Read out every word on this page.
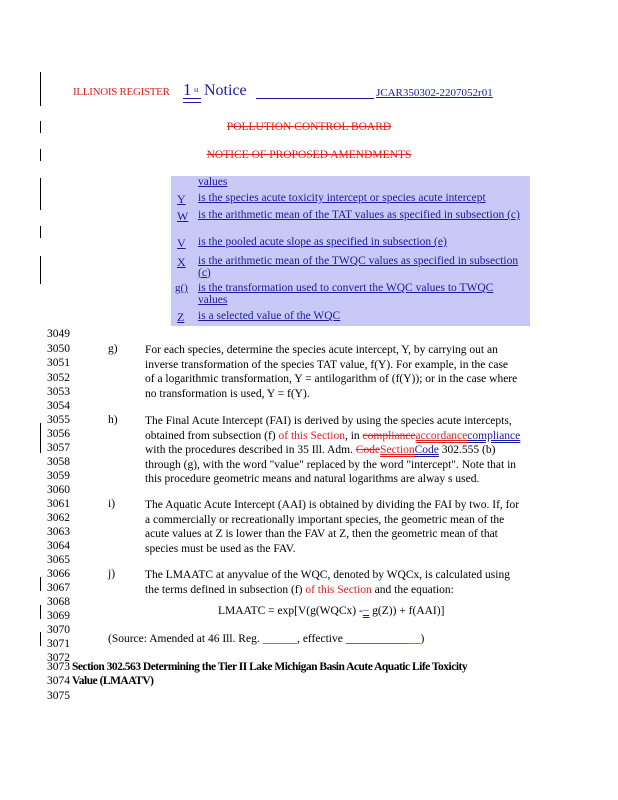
ILLINOIS REGISTER 1 st Notice	JCAR350302-2207052r01
POLLUTION CONTROL BOARD
NOTICE OF PROPOSED AMENDMENTS
values
Y is the species acute toxicity intercept or species acute intercept
W is the arithmetic mean of the TAT values as specified in subsection (c)
V is the pooled acute slope as specified in subsection (e)
X is the arithmetic mean of the TWQC values as specified in subsection (c)
g() is the transformation used to convert the WQC values to TWQC values
Z is a selected value of the WQC
3049
3050
3051
3052
3053
3054
3055
3056
3057
3058
3059
3060
3061
3062
3063
3064
3065
3066
3067
3068
3069
3070
3071
3072
g) For each species, determine the species acute intercept, Y, by carrying out an
inverse transformation of the species TAT value, f(Y). For example, in the case
of a logarithmic transformation, Y = antilogarithm of (f(Y)); or in the case where
no transformation is used, Y = f(Y).
h) The Final Acute Intercept (FAI) is derived by using the species acute intercepts,
obtained from subsection (f) of this Section, in complianceaccordancecompliance
with the procedures described in 35 Ill. Adm. CodeSectionCode 302.555 (b)
through (g), with the word "value" replaced by the word "intercept". Note that in
this procedure geometric means and natural logarithms are alway s used.
i)	The Aquatic Acute Intercept (AAI) is obtained by dividing the FAI by two. If, for
a commercially or recreationally important species, the geometric mean of the
acute values at Z is lower than the FAV at Z, then the geometric mean of that
species must be used as the FAV.
j)	The LMAATC at anyvalue of the WQC, denoted by WQCx, is calculated using
the terms defined in subsection (f) of this Section and the equation:
LMAATC = exp[V(g(WQCx) -− g(Z)) + f(AAI)]
(Source: Amended at 46 Ill. Reg. ______, effective _____________)
3073 Section 302.563 Determining the Tier II Lake Michigan Basin Acute Aquatic Life Toxicity
3074 Value (LMAATV)
3075
